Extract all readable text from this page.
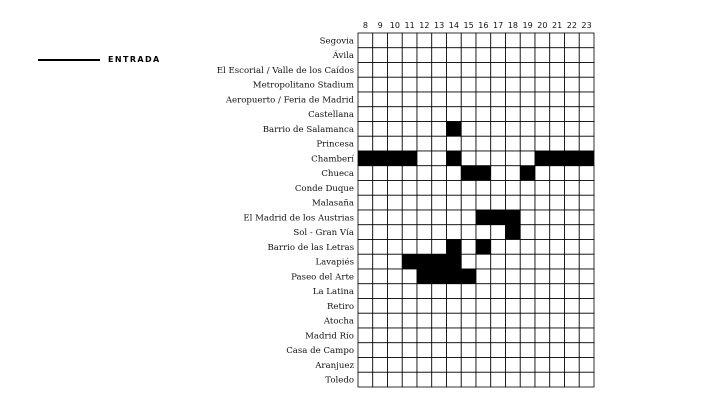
ENTRADA
8 9 10 11 12 13 14 15 16 17 18 19 20 21 22 23
Segovia
Ávila
El Escorial / Valle de los Caídos
Metropolitano Stadium
Aeropuerto / Feria de Madrid
Castellana
Barrio de Salamanca
Princesa
Chamberí
Chueca
Conde Duque
Malasaña
El Madrid de los Austrias
Sol - Gran Vía
Barrio de las Letras
Lavapiés
Paseo del Arte
La Latina
Retiro
Atocha
Madrid Río
Casa de Campo
Aranjuez
Toledo
